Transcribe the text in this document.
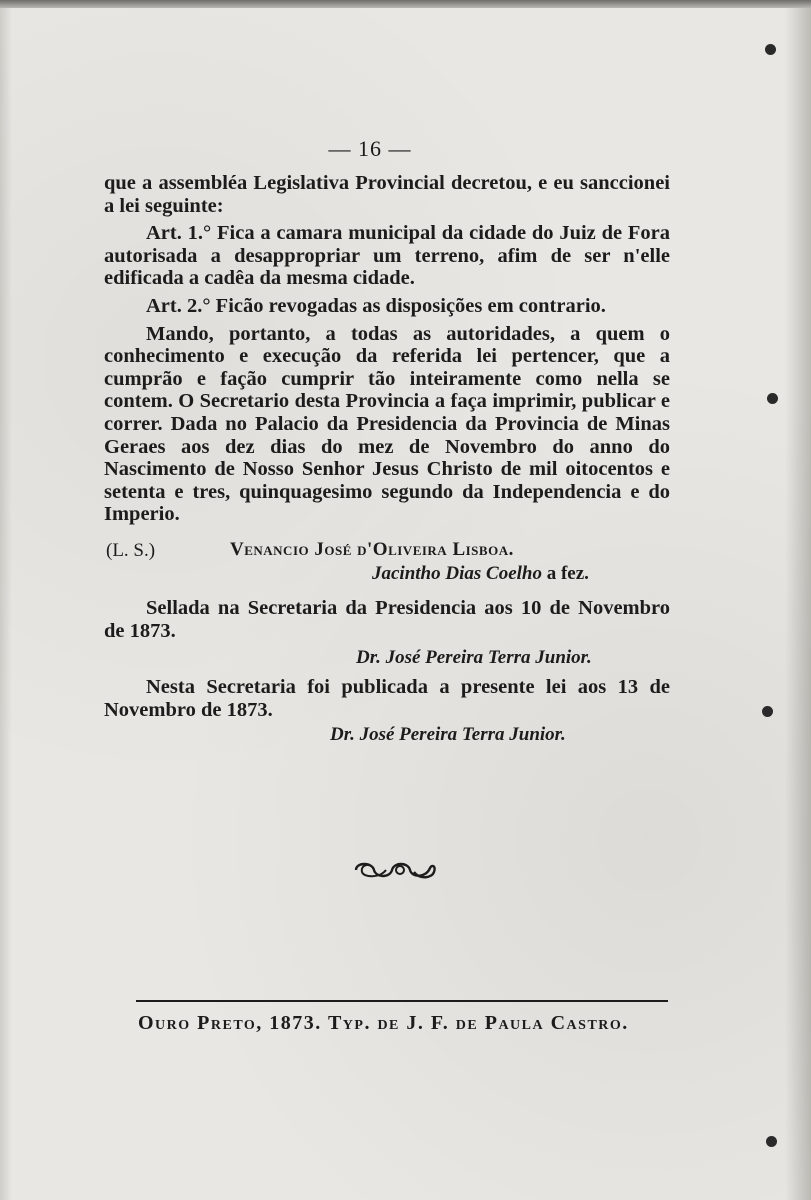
— 16 —

que a assembléa Legislativa Provincial decretou, e eu sanccionei a lei seguinte:

Art. 1.° Fica a camara municipal da cidade do Juiz de Fora autorisada a desappropriar um terreno, afim de ser n'elle edificada a cadêa da mesma cidade.

Art. 2.° Ficão revogadas as disposições em contrario.

Mando, portanto, a todas as autoridades, a quem o conhecimento e execução da referida lei pertencer, que a cumprão e fação cumprir tão inteiramente como nella se contem. O Secretario desta Provincia a faça imprimir, publicar e correr. Dada no Palacio da Presidencia da Provincia de Minas Geraes aos dez dias do mez de Novembro do anno do Nascimento de Nosso Senhor Jesus Christo de mil oitocentos e setenta e tres, quinquagesimo segundo da Independencia e do Imperio.

(L. S.)	Venancio José d'Oliveira Lisboa.
Jacintho Dias Coelho a fez.

Sellada na Secretaria da Presidencia aos 10 de Novembro de 1873.

Dr. José Pereira Terra Junior.

Nesta Secretaria foi publicada a presente lei aos 13 de Novembro de 1873.

Dr. José Pereira Terra Junior.
Ouro Preto, 1873. Typ. de J. F. de Paula Castro.
